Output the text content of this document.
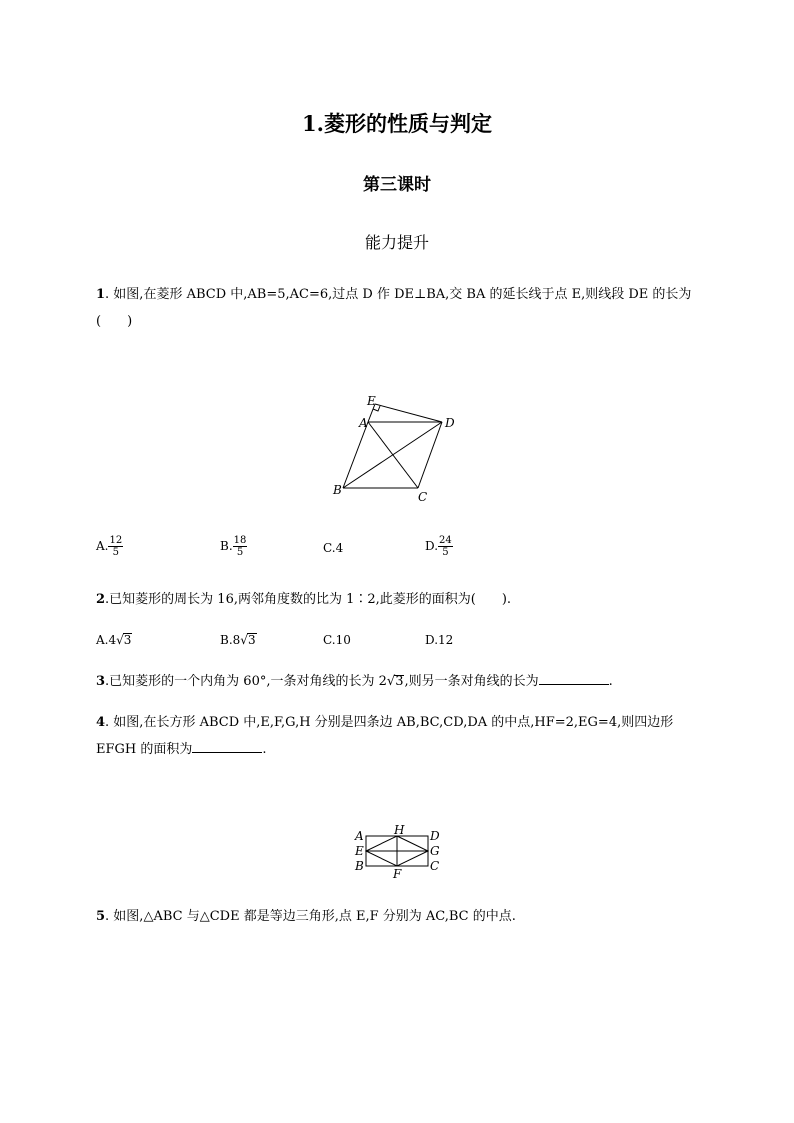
1.菱形的性质与判定
第三课时
能力提升
1. 如图,在菱形 ABCD 中,AB=5,AC=6,过点 D 作 DE⊥BA,交 BA 的延长线于点 E,则线段 DE 的长为
(　　)
E
A	D
B	C
A. $\frac{12}{5}$	B. $\frac{18}{5}$	C.4	D. $\frac{24}{5}$
2.已知菱形的周长为 16,两邻角度数的比为 1∶2,此菱形的面积为(　　).
A.4√3	B.8√3	C.10	D.12
3.已知菱形的一个内角为 60°,一条对角线的长为 2√3,则另一条对角线的长为	.
4. 如图,在长方形 ABCD 中,E,F,G,H 分别是四条边 AB,BC,CD,DA 的中点,HF=2,EG=4,则四边形
EFGH 的面积为	.
A	H D
E	G
B
F
C
5. 如图,△ABC 与△CDE 都是等边三角形,点 E,F 分别为 AC,BC 的中点.
